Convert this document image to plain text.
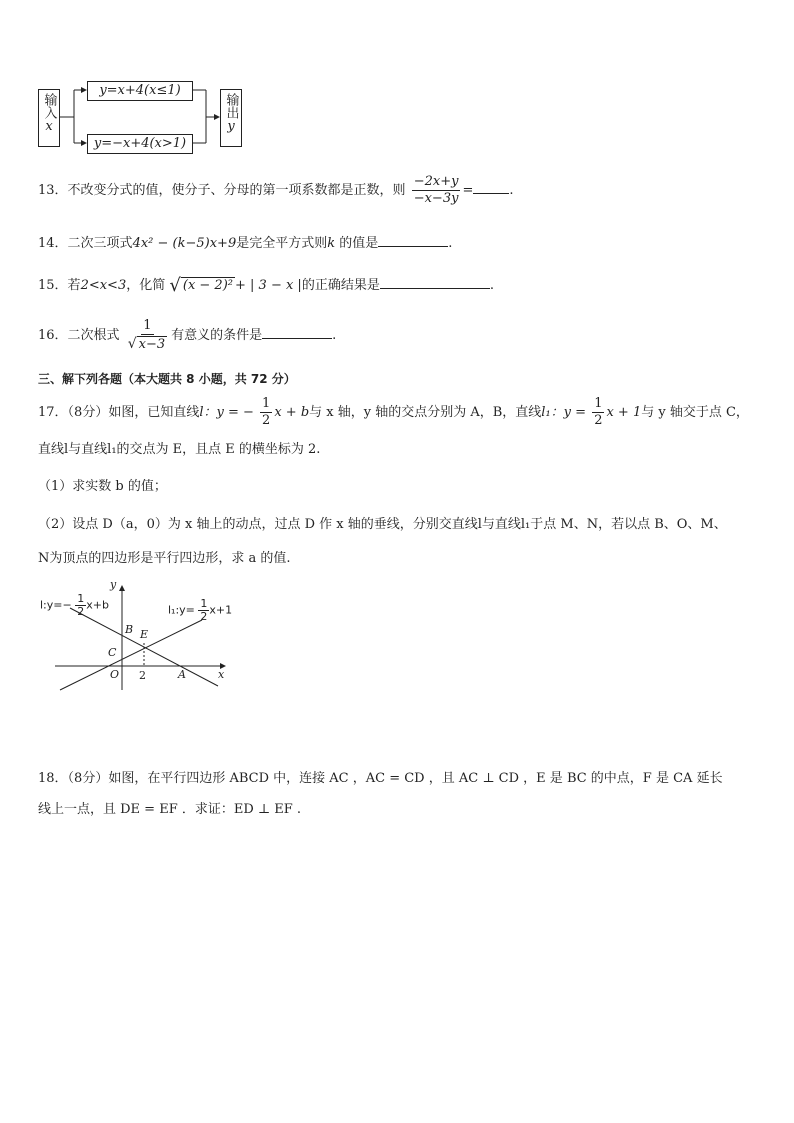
输入
x
y=x+4(x≤1)
y=−x+4(x>1)
输出
y
13．不改变分式的值，使分子、分母的第一项系数都是正数，则 $\frac{-2x+y}{-x-3y}$ =	.
14．二次三项式4x² − (k−5)x+9是完全平方式则k 的值是	.
15．若2<x<3，化简 √ (x − 2)² + | 3 − x |的正确结果是	.
16．二次根式 $\frac{1}{√ x-3}$ 有意义的条件是	.
三、解下列各题（本大题共 8 小题，共 72 分）
17．（8分）如图，已知直线l：y = − $\frac{1}{2}$ x + b与 x 轴，y 轴的交点分别为 A，B，直线l₁：$y = \frac{1}{2}$ x + 1与 y 轴交于点 C，
直线l与直线l₁的交点为 E，且点 E 的横坐标为 2.
（1）求实数 b 的值；
（2）设点 D（a，0）为 x 轴上的动点，过点 D 作 x 轴的垂线，分别交直线l与直线l₁于点 M、N，若以点 B、O、M、
N为顶点的四边形是平行四边形，求 a 的值.
l:y=− $\frac{1}{2} x+b$	l₁:y= $\frac{1}{2} x+1$
y
x
B E
C
O	A
2
18．（8分）如图，在平行四边形 ABCD 中，连接 AC ，AC = CD ，且 AC ⊥ CD ，E 是 BC 的中点，F 是 CA 延长
线上一点，且 DE = EF ．求证：ED ⊥ EF .
